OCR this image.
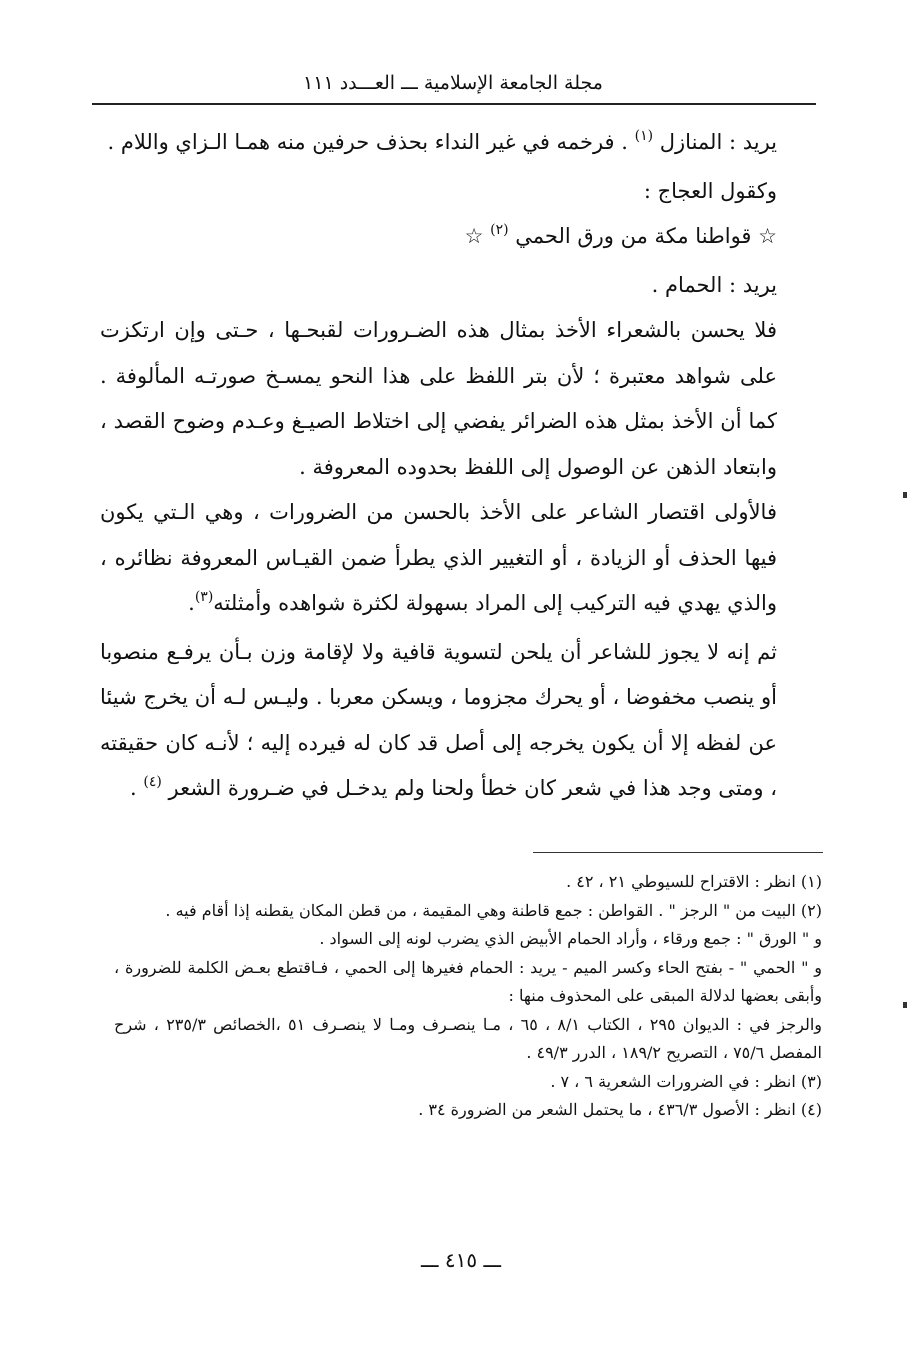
مجلة الجامعة الإسلامية ـــ العـــدد ١١١

يريد : المنازل $^{(١)}$ . فرخمه في غير النداء بحذف حرفين منه همـا الـزاي واللام .

وكقول العجاج :

☆ قواطنا مكة من ورق الحمي $^{(٢)}$ ☆

يريد : الحمام .

فلا يحسن بالشعراء الأخذ بمثال هذه الضـرورات لقبحـها ، حـتى وإن ارتكزت على شواهد معتبرة ؛ لأن بتر اللفظ على هذا النحو يمسـخ صورتـه المألوفة . كما أن الأخذ بمثل هذه الضرائر يفضي إلى اختلاط الصيـغ وعـدم وضوح القصد ، وابتعاد الذهن عن الوصول إلى اللفظ بحدوده المعروفة .

فالأولى اقتصار الشاعر على الأخذ بالحسن من الضرورات ، وهي الـتي يكون فيها الحذف أو الزيادة ، أو التغيير الذي يطرأ ضمن القيـاس المعروفة نظائره ، والذي يهدي فيه التركيب إلى المراد بسهولة لكثرة شواهده وأمثلته$^{(٣)}$.

ثم إنه لا يجوز للشاعر أن يلحن لتسوية قافية ولا لإقامة وزن بـأن يرفـع منصوبا أو ينصب مخفوضا ، أو يحرك مجزوما ، ويسكن معربا . وليـس لـه أن يخرج شيئا عن لفظه إلا أن يكون يخرجه إلى أصل قد كان له فيرده إليه ؛ لأنـه كان حقيقته ، ومتى وجد هذا في شعر كان خطأ ولحنا ولم يدخـل في ضـرورة الشعر $^{(٤)}$ .

(١) انظر : الاقتراح للسيوطي ٢١ ، ٤٢ .

(٢) البيت من " الرجز " . القواطن : جمع قاطنة وهي المقيمة ، من قطن المكان يقطنه إذا أقام فيه .

و " الورق " : جمع ورقاء ، وأراد الحمام الأبيض الذي يضرب لونه إلى السواد .

و " الحمي " - بفتح الحاء وكسر الميم - يريد : الحمام فغيرها إلى الحمي ، فـاقتطع بعـض الكلمة للضرورة ، وأبقى بعضها لدلالة المبقى على المحذوف منها :

والرجز في : الديوان ٢٩٥ ، الكتاب ٨/١ ، ٦٥ ، مـا ينصـرف ومـا لا ينصـرف ٥١ ،الخصائص ٢٣٥/٣ ، شرح المفصل ٧٥/٦ ، التصريح ١٨٩/٢ ، الدرر ٤٩/٣ .

(٣) انظر : في الضرورات الشعرية ٦ ، ٧ .

(٤) انظر : الأصول ٤٣٦/٣ ، ما يحتمل الشعر من الضرورة ٣٤ .

ـــ ٤١٥ ـــ
